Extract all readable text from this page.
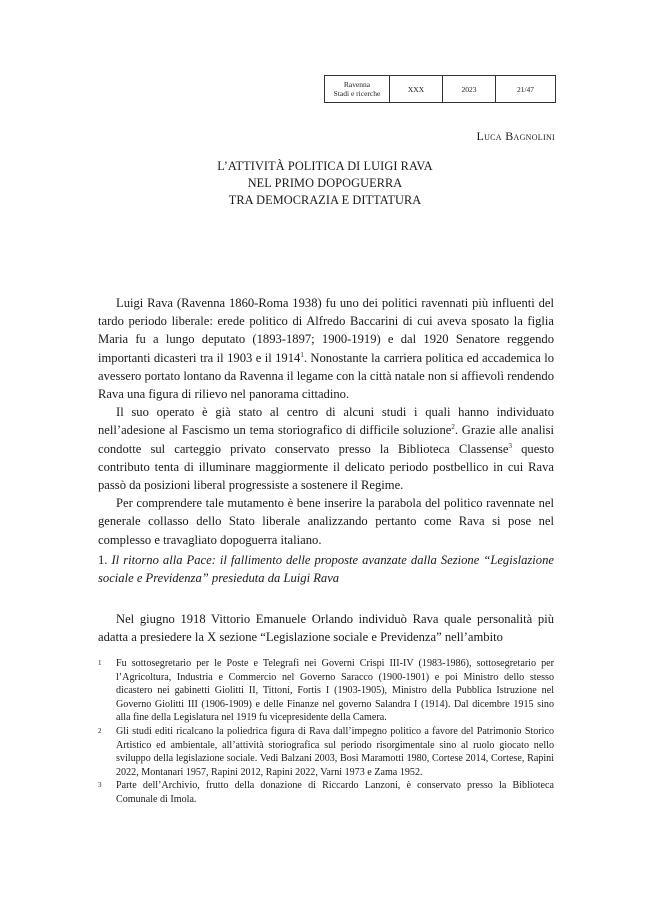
Ravenna
Stadi e ricerche	XXX	2023	21/47
Luca Bagnolini
L’ATTIVITÀ POLITICA DI LUIGI RAVA
NEL PRIMO DOPOGUERRA
TRA DEMOCRAZIA E DITTATURA

Luigi Rava (Ravenna 1860-Roma 1938) fu uno dei politici ravennati più influenti del tardo periodo liberale: erede politico di Alfredo Baccarini di cui aveva sposato la figlia Maria fu a lungo deputato (1893-1897; 1900-1919) e dal 1920 Senatore reggendo importanti dicasteri tra il 1903 e il 1914$^1$. Nonostante la carriera politica ed accademica lo avessero portato lontano da Ravenna il legame con la città natale non si affievolì rendendo Rava una figura di rilievo nel panorama cittadino.

Il suo operato è già stato al centro di alcuni studi i quali hanno individuato nell’adesione al Fascismo un tema storiografico di difficile soluzione$^2$. Grazie alle analisi condotte sul carteggio privato conservato presso la Biblioteca Classense$^3$ questo contributo tenta di illuminare maggiormente il delicato periodo postbellico in cui Rava passò da posizioni liberal progressiste a sostenere il Regime.

Per comprendere tale mutamento è bene inserire la parabola del politico ravennate nel generale collasso dello Stato liberale analizzando pertanto come Rava si pose nel complesso e travagliato dopoguerra italiano.

1. Il ritorno alla Pace: il fallimento delle proposte avanzate dalla Sezione “Legislazione sociale e Previdenza” presieduta da Luigi Rava

Nel giugno 1918 Vittorio Emanuele Orlando individuò Rava quale personalità più adatta a presiedere la X sezione “Legislazione sociale e Previdenza” nell’ambito

1	Fu sottosegretario per le Poste e Telegrafi nei Governi Crispi III-IV (1983-1986), sottosegretario per l’Agricoltura, Industria e Commercio nel Governo Saracco (1900-1901) e poi Ministro dello stesso dicastero nei gabinetti Giolitti II, Tittoni, Fortis I (1903-1905), Ministro della Pubblica Istruzione nel Governo Giolitti III (1906-1909) e delle Finanze nel governo Salandra I (1914). Dal dicembre 1915 sino alla fine della Legislatura nel 1919 fu vicepresidente della Camera.
2	Gli studi editi ricalcano la poliedrica figura di Rava dall’impegno politico a favore del Patrimonio Storico Artistico ed ambientale, all’attività storiografica sul periodo risorgimentale sino al ruolo giocato nello sviluppo della legislazione sociale. Vedi Balzani 2003, Bosi Maramotti 1980, Cortese 2014, Cortese, Rapini 2022, Montanari 1957, Rapini 2012, Rapini 2022, Varni 1973 e Zama 1952.
3	Parte dell’Archivio, frutto della donazione di Riccardo Lanzoni, è conservato presso la Biblioteca Comunale di Imola.
